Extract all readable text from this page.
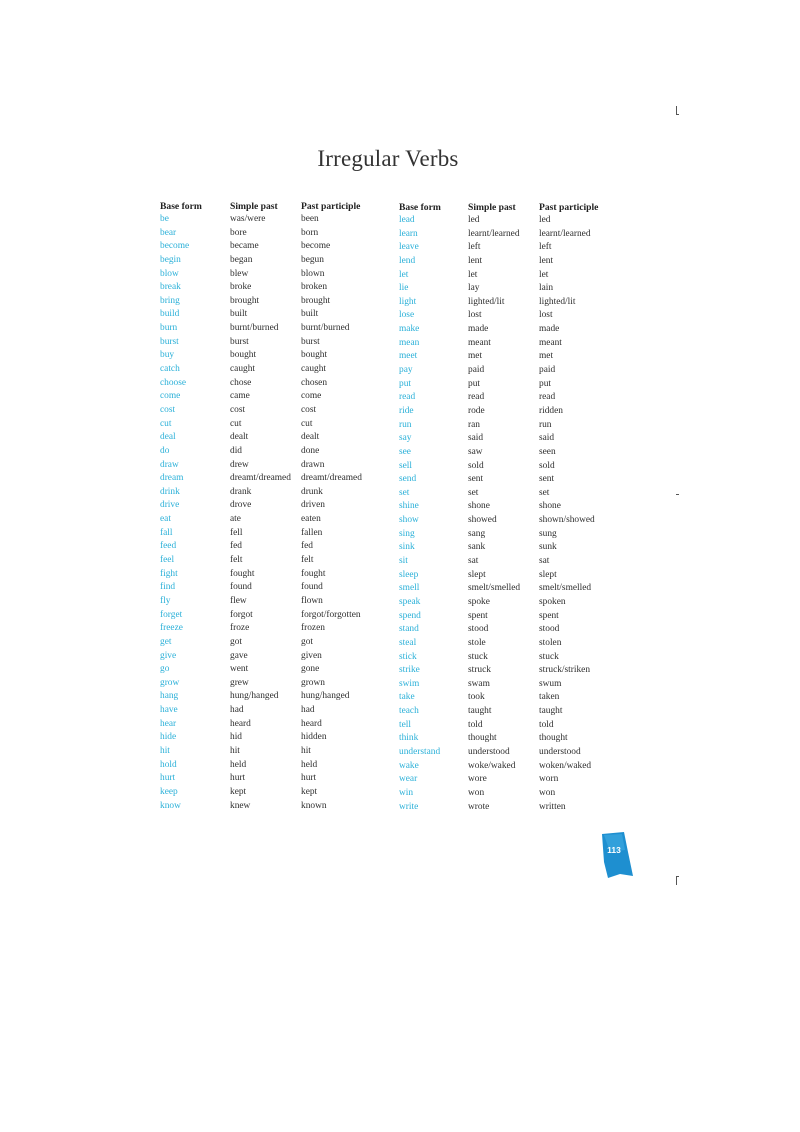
Irregular Verbs
Base form	Simple past	Past participle
be	was/were	been
bear	bore	born
become	became	become
begin	began	begun
blow	blew	blown
break	broke	broken
bring	brought	brought
build	built	built
burn	burnt/burned	burnt/burned
burst	burst	burst
buy	bought	bought
catch	caught	caught
choose	chose	chosen
come	came	come
cost	cost	cost
cut	cut	cut
deal	dealt	dealt
do	did	done
draw	drew	drawn
dream	dreamt/dreamed	dreamt/dreamed
drink	drank	drunk
drive	drove	driven
eat	ate	eaten
fall	fell	fallen
feed	fed	fed
feel	felt	felt
fight	fought	fought
find	found	found
fly	flew	flown
forget	forgot	forgot/forgotten
freeze	froze	frozen
get	got	got
give	gave	given
go	went	gone
grow	grew	grown
hang	hung/hanged	hung/hanged
have	had	had
hear	heard	heard
hide	hid	hidden
hit	hit	hit
hold	held	held
hurt	hurt	hurt
keep	kept	kept
know	knew	known
Base form	Simple past	Past participle
lead	led	led
learn	learnt/learned	learnt/learned
leave	left	left
lend	lent	lent
let	let	let
lie	lay	lain
light	lighted/lit	lighted/lit
lose	lost	lost
make	made	made
mean	meant	meant
meet	met	met
pay	paid	paid
put	put	put
read	read	read
ride	rode	ridden
run	ran	run
say	said	said
see	saw	seen
sell	sold	sold
send	sent	sent
set	set	set
shine	shone	shone
show	showed	shown/showed
sing	sang	sung
sink	sank	sunk
sit	sat	sat
sleep	slept	slept
smell	smelt/smelled	smelt/smelled
speak	spoke	spoken
spend	spent	spent
stand	stood	stood
steal	stole	stolen
stick	stuck	stuck
strike	struck	struck/striken
swim	swam	swum
take	took	taken
teach	taught	taught
tell	told	told
think	thought	thought
understand	understood	understood
wake	woke/waked	woken/waked
wear	wore	worn
win	won	won
write	wrote	written
113
